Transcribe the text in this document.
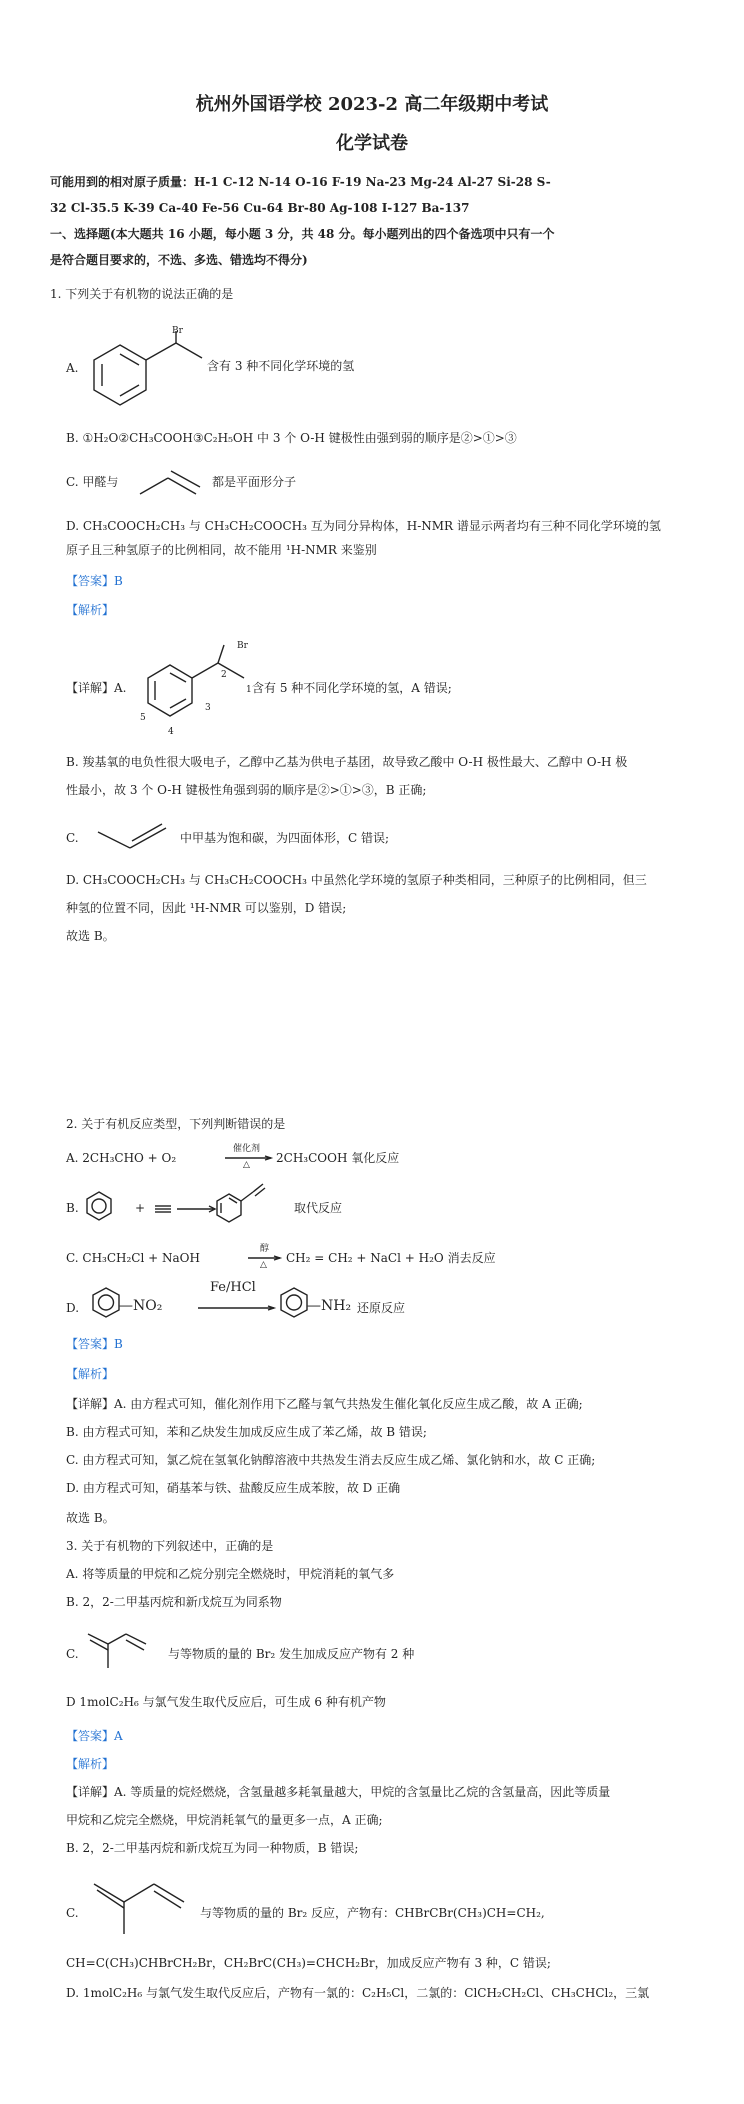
杭州外国语学校 2023-2 高二年级期中考试
化学试卷
可能用到的相对原子质量：H-1 C-12 N-14 O-16 F-19 Na-23 Mg-24 Al-27 Si-28 S-
32 Cl-35.5 K-39 Ca-40 Fe-56 Cu-64 Br-80 Ag-108 I-127 Ba-137
一、选择题(本大题共 16 小题，每小题 3 分，共 48 分。每小题列出的四个备选项中只有一个
是符合题目要求的，不选、多选、错选均不得分)
1. 下列关于有机物的说法正确的是
A.
Br
含有 3 种不同化学环境的氢
B. ①H₂O②CH₃COOH③C₂H₅OH 中 3 个 O-H 键极性由强到弱的顺序是②>①>③
C. 甲醛与	都是平面形分子
D. CH₃COOCH₂CH₃ 与 CH₃CH₂COOCH₃ 互为同分异构体，H-NMR 谱显示两者均有三种不同化学环境的氢
原子且三种氢原子的比例相同，故不能用 ¹H-NMR 来鉴别
【答案】B
【解析】
【详解】A.
Br
1
2
3
4
5
含有 5 种不同化学环境的氢，A 错误;
B. 羧基氧的电负性很大吸电子，乙醇中乙基为供电子基团，故导致乙酸中 O-H 极性最大、乙醇中 O-H 极
性最小，故 3 个 O-H 键极性角强到弱的顺序是②>①>③，B 正确;
C.	中甲基为饱和碳，为四面体形，C 错误;
D. CH₃COOCH₂CH₃ 与 CH₃CH₂COOCH₃ 中虽然化学环境的氢原子种类相同，三种原子的比例相同，但三
种氢的位置不同，因此 ¹H-NMR 可以鉴别，D 错误;
故选 B。
2. 关于有机反应类型，下列判断错误的是
A. 2CH₃CHO + O₂
催化剂
△ 2CH₃COOH 氧化反应
B.	+	取代反应
C. CH₃CH₂Cl + NaOH
醇
△ CH₂ = CH₂ + NaCl + H₂O 消去反应
D.	—NO₂
Fe/HCl
—NH₂ 还原反应
【答案】B
【解析】
【详解】A. 由方程式可知，催化剂作用下乙醛与氧气共热发生催化氧化反应生成乙酸，故 A 正确;
B. 由方程式可知，苯和乙炔发生加成反应生成了苯乙烯，故 B 错误;
C. 由方程式可知，氯乙烷在氢氧化钠醇溶液中共热发生消去反应生成乙烯、氯化钠和水，故 C 正确;
D. 由方程式可知，硝基苯与铁、盐酸反应生成苯胺，故 D 正确
故选 B。
3. 关于有机物的下列叙述中，正确的是
A. 将等质量的甲烷和乙烷分别完全燃烧时，甲烷消耗的氧气多
B. 2，2-二甲基丙烷和新戊烷互为同系物
C.	与等物质的量的 Br₂ 发生加成反应产物有 2 种
D 1molC₂H₆ 与氯气发生取代反应后，可生成 6 种有机产物
【答案】A
【解析】
【详解】A. 等质量的烷烃燃烧，含氢量越多耗氧量越大，甲烷的含氢量比乙烷的含氢量高，因此等质量
甲烷和乙烷完全燃烧，甲烷消耗氧气的量更多一点，A 正确;
B. 2，2-二甲基丙烷和新戊烷互为同一种物质，B 错误;
C.	与等物质的量的 Br₂ 反应，产物有：CHBrCBr(CH₃)CH=CH₂,
CH=C(CH₃)CHBrCH₂Br，CH₂BrC(CH₃)=CHCH₂Br，加成反应产物有 3 种，C 错误;
D. 1molC₂H₆ 与氯气发生取代反应后，产物有一氯的：C₂H₅Cl，二氯的：ClCH₂CH₂Cl、CH₃CHCl₂，三氯
